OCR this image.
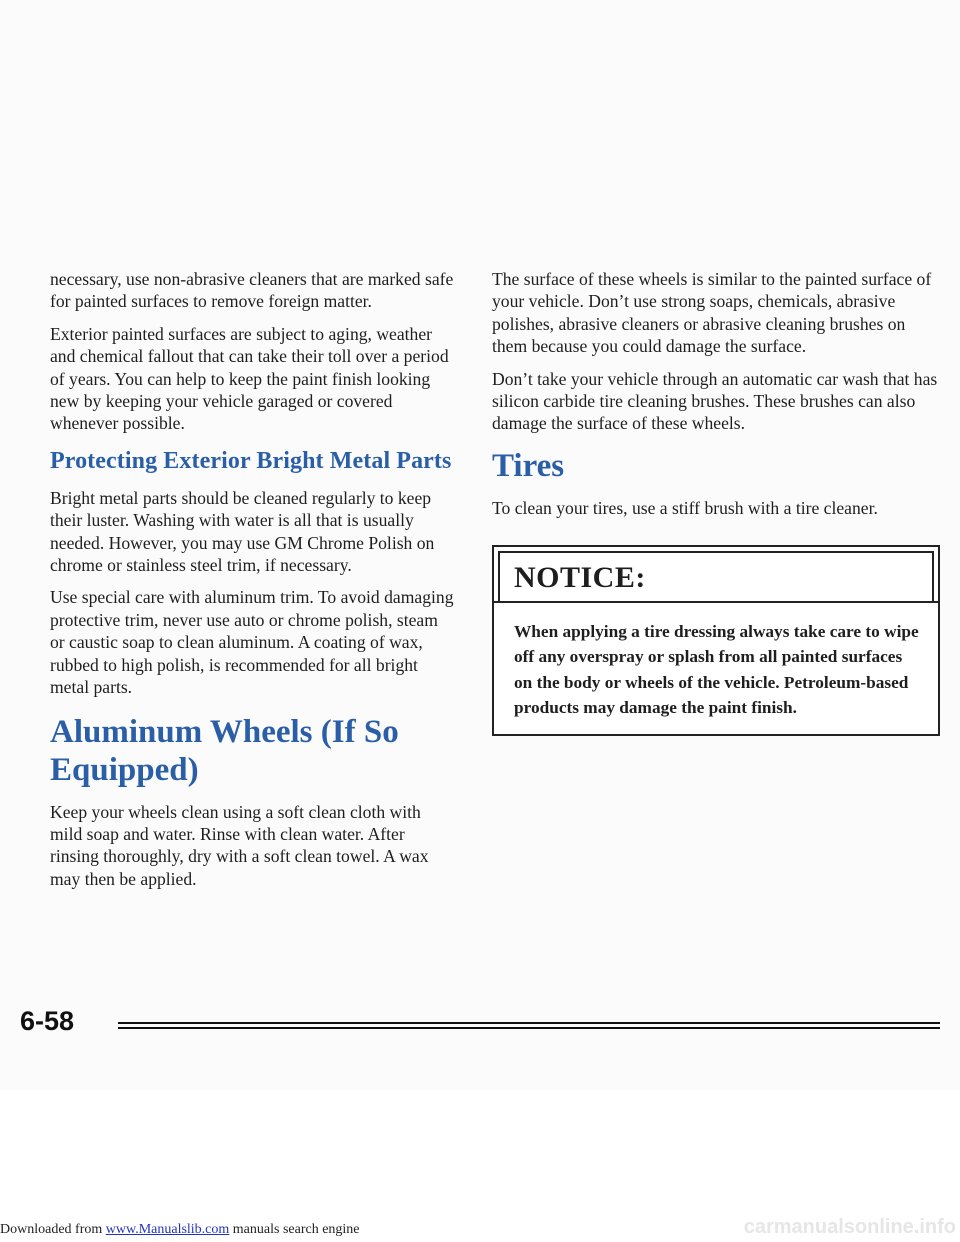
necessary, use non-abrasive cleaners that are marked safe for painted surfaces to remove foreign matter.

Exterior painted surfaces are subject to aging, weather and chemical fallout that can take their toll over a period of years. You can help to keep the paint finish looking new by keeping your vehicle garaged or covered whenever possible.

Protecting Exterior Bright Metal Parts

Bright metal parts should be cleaned regularly to keep their luster. Washing with water is all that is usually needed. However, you may use GM Chrome Polish on chrome or stainless steel trim, if necessary.

Use special care with aluminum trim. To avoid damaging protective trim, never use auto or chrome polish, steam or caustic soap to clean aluminum. A coating of wax, rubbed to high polish, is recommended for all bright metal parts.

Aluminum Wheels (If So Equipped)

Keep your wheels clean using a soft clean cloth with mild soap and water. Rinse with clean water. After rinsing thoroughly, dry with a soft clean towel. A wax may then be applied.

The surface of these wheels is similar to the painted surface of your vehicle. Don’t use strong soaps, chemicals, abrasive polishes, abrasive cleaners or abrasive cleaning brushes on them because you could damage the surface.

Don’t take your vehicle through an automatic car wash that has silicon carbide tire cleaning brushes. These brushes can also damage the surface of these wheels.

Tires

To clean your tires, use a stiff brush with a tire cleaner.

NOTICE:

When applying a tire dressing always take care to wipe off any overspray or splash from all painted surfaces on the body or wheels of the vehicle. Petroleum-based products may damage the paint finish.

6-58
Downloaded from www.Manualslib.com manuals search engine	carmanualsonline.info
